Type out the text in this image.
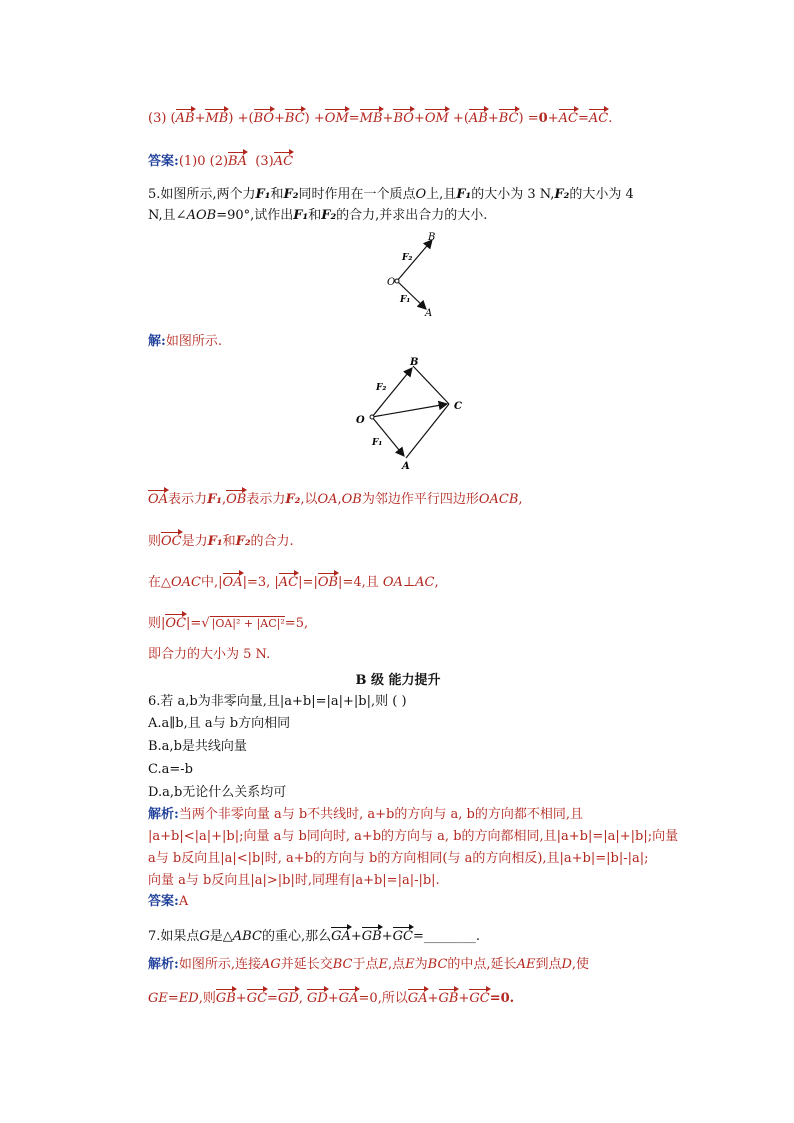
(3) (AB+MB) +(BO+BC) +OM=MB+BO+OM +(AB+BC) =0+AC=AC.
答案:(1)0 (2)BA (3)AC
5.如图所示,两个力F₁和F₂同时作用在一个质点O上,且F₁的大小为 3 N,F₂的大小为 4
N,且∠AOB=90°,试作出F₁和F₂的合力,并求出合力的大小.
B
A
O
F₂
F₁
解:如图所示.
B
A
O
C
F₂
F₁
OA表示力F₁,OB表示力F₂,以OA,OB为邻边作平行四边形OACB,
则OC是力F₁和F₂的合力.
在△OAC中,|OA|=3, |AC|=|OB|=4,且 OA⊥AC,
则|OC|=√ |OA|² + |AC|²=5,
即合力的大小为 5 N.
B 级 能力提升
6.若 a,b为非零向量,且|a+b|=|a|+|b|,则 ( )
A.a∥b,且 a与 b方向相同
B.a,b是共线向量
C.a=-b
D.a,b无论什么关系均可
解析:当两个非零向量 a与 b不共线时, a+b的方向与 a, b的方向都不相同,且
|a+b|<|a|+|b|;向量 a与 b同向时, a+b的方向与 a, b的方向都相同,且|a+b|=|a|+|b|;向量
a与 b反向且|a|<|b|时, a+b的方向与 b的方向相同(与 a的方向相反),且|a+b|=|b|-|a|;
向量 a与 b反向且|a|>|b|时,同理有|a+b|=|a|-|b|.
答案:A
7.如果点G是△ABC的重心,那么GA+GB+GC=________.
解析:如图所示,连接AG并延长交BC于点E,点E为BC的中点,延长AE到点D,使
GE=ED,则GB+GC=GD, GD+GA=0,所以GA+GB+GC=0.
